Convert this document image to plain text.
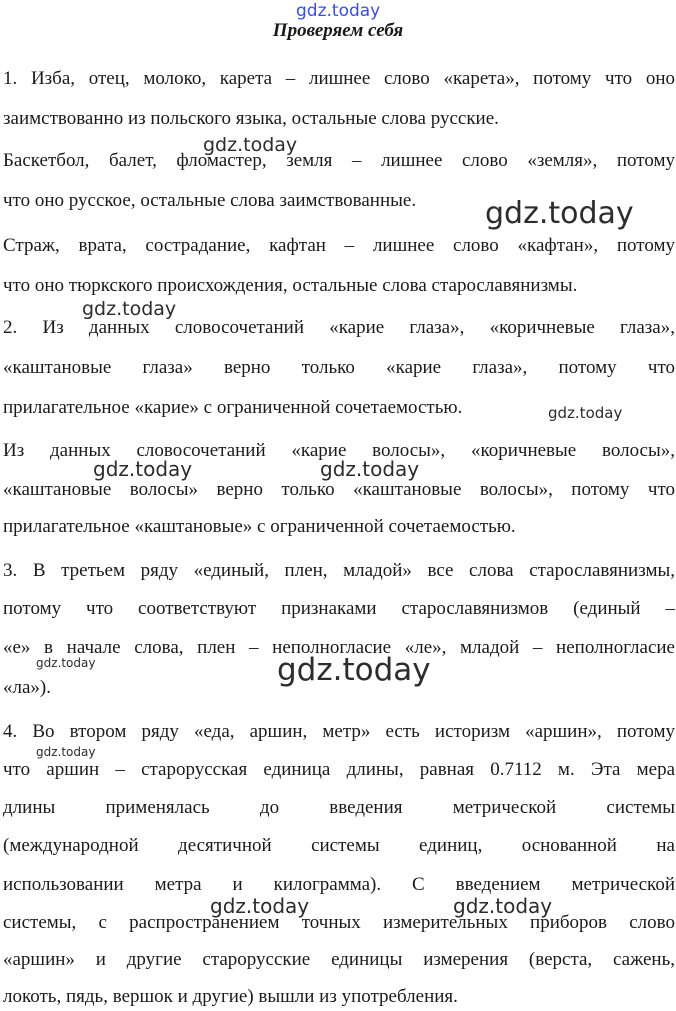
gdz.today
Проверяем себя
1. Изба, отец, молоко, карета – лишнее слово «карета», потому что оно
заимствованно из польского языка, остальные слова русские.
Баскетбол, балет, фломастер, земля – лишнее слово «земля», потому
что оно русское, остальные слова заимствованные.
Страж, врата, сострадание, кафтан – лишнее слово «кафтан», потому
что оно тюркского происхождения, остальные слова старославянизмы.
2. Из данных словосочетаний «карие глаза», «коричневые глаза»,
«каштановые глаза» верно только «карие глаза», потому что
прилагательное «карие» с ограниченной сочетаемостью.
Из данных словосочетаний «карие волосы», «коричневые волосы»,
«каштановые волосы» верно только «каштановые волосы», потому что
прилагательное «каштановые» с ограниченной сочетаемостью.
3. В третьем ряду «единый, плен, младой» все слова старославянизмы,
потому что соответствуют признаками старославянизмов (единый –
«е» в начале слова, плен – неполногласие «ле», младой – неполногласие
«ла»).
4. Во втором ряду «еда, аршин, метр» есть историзм «аршин», потому
что аршин – старорусская единица длины, равная 0.7112 м. Эта мера
длины применялась до введения метрической системы
(международной десятичной системы единиц, основанной на
использовании метра и килограмма). С введением метрической
системы, с распространением точных измерительных приборов слово
«аршин» и другие старорусские единицы измерения (верста, сажень,
локоть, пядь, вершок и другие) вышли из употребления.
gdz.today
gdz.today
gdz.today
gdz.today
gdz.today	gdz.today
gdz.today	gdz.today
gdz.today
gdz.today	gdz.today
